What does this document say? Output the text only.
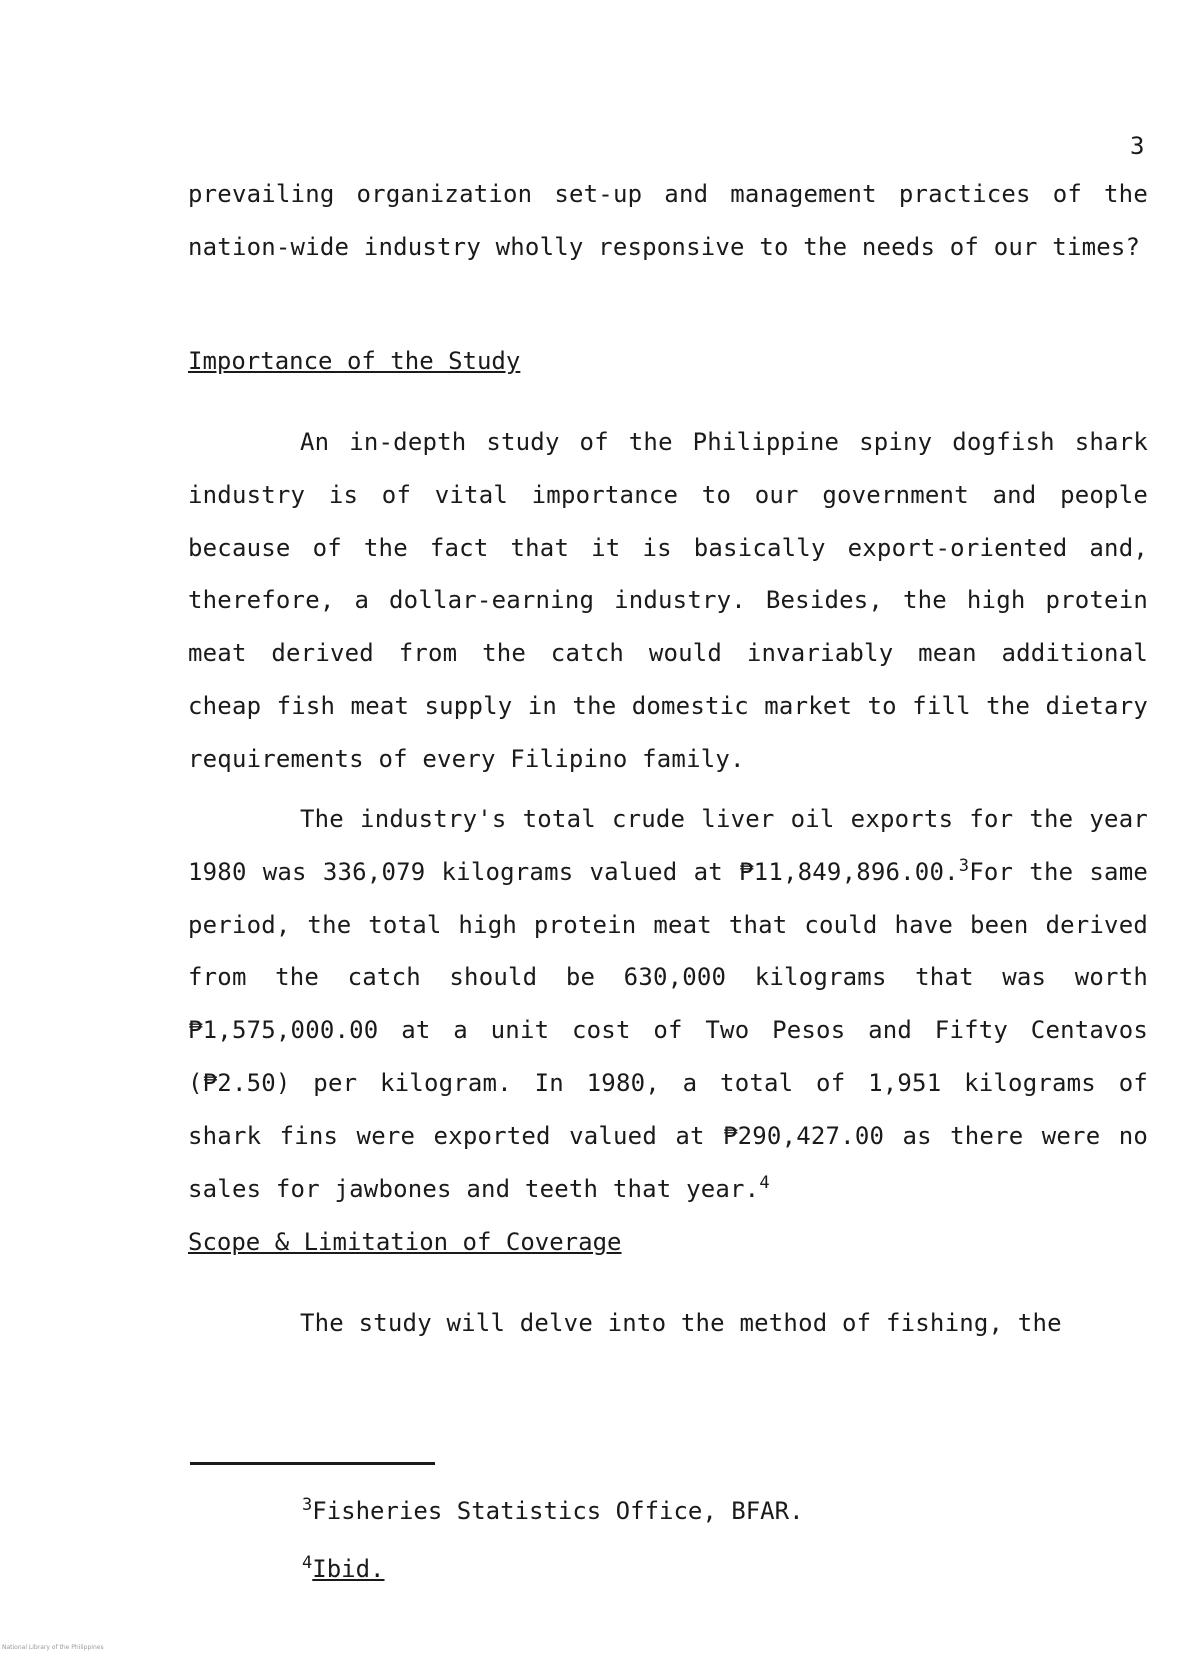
3

prevailing organization set-up and management practices of the nation-wide industry wholly responsive to the needs of our times?

Importance of the Study

An in-depth study of the Philippine spiny dogfish shark industry is of vital importance to our government and people because of the fact that it is basically export-oriented and, therefore, a dollar-earning industry. Besides, the high protein meat derived from the catch would invariably mean additional cheap fish meat supply in the domestic market to fill the dietary requirements of every Filipino family.

The industry's total crude liver oil exports for the year 1980 was 336,079 kilograms valued at ₱11,849,896.00.$^3$For the same period, the total high protein meat that could have been derived from the catch should be 630,000 kilograms that was worth ₱1,575,000.00 at a unit cost of Two Pesos and Fifty Centavos (₱2.50) per kilogram. In 1980, a total of 1,951 kilograms of shark fins were exported valued at ₱290,427.00 as there were no sales for jawbones and teeth that year.$^4$

Scope & Limitation of Coverage

The study will delve into the method of fishing, the

$^3$Fisheries Statistics Office, BFAR.

$^4$Ibid.

National Library of the Philippines
